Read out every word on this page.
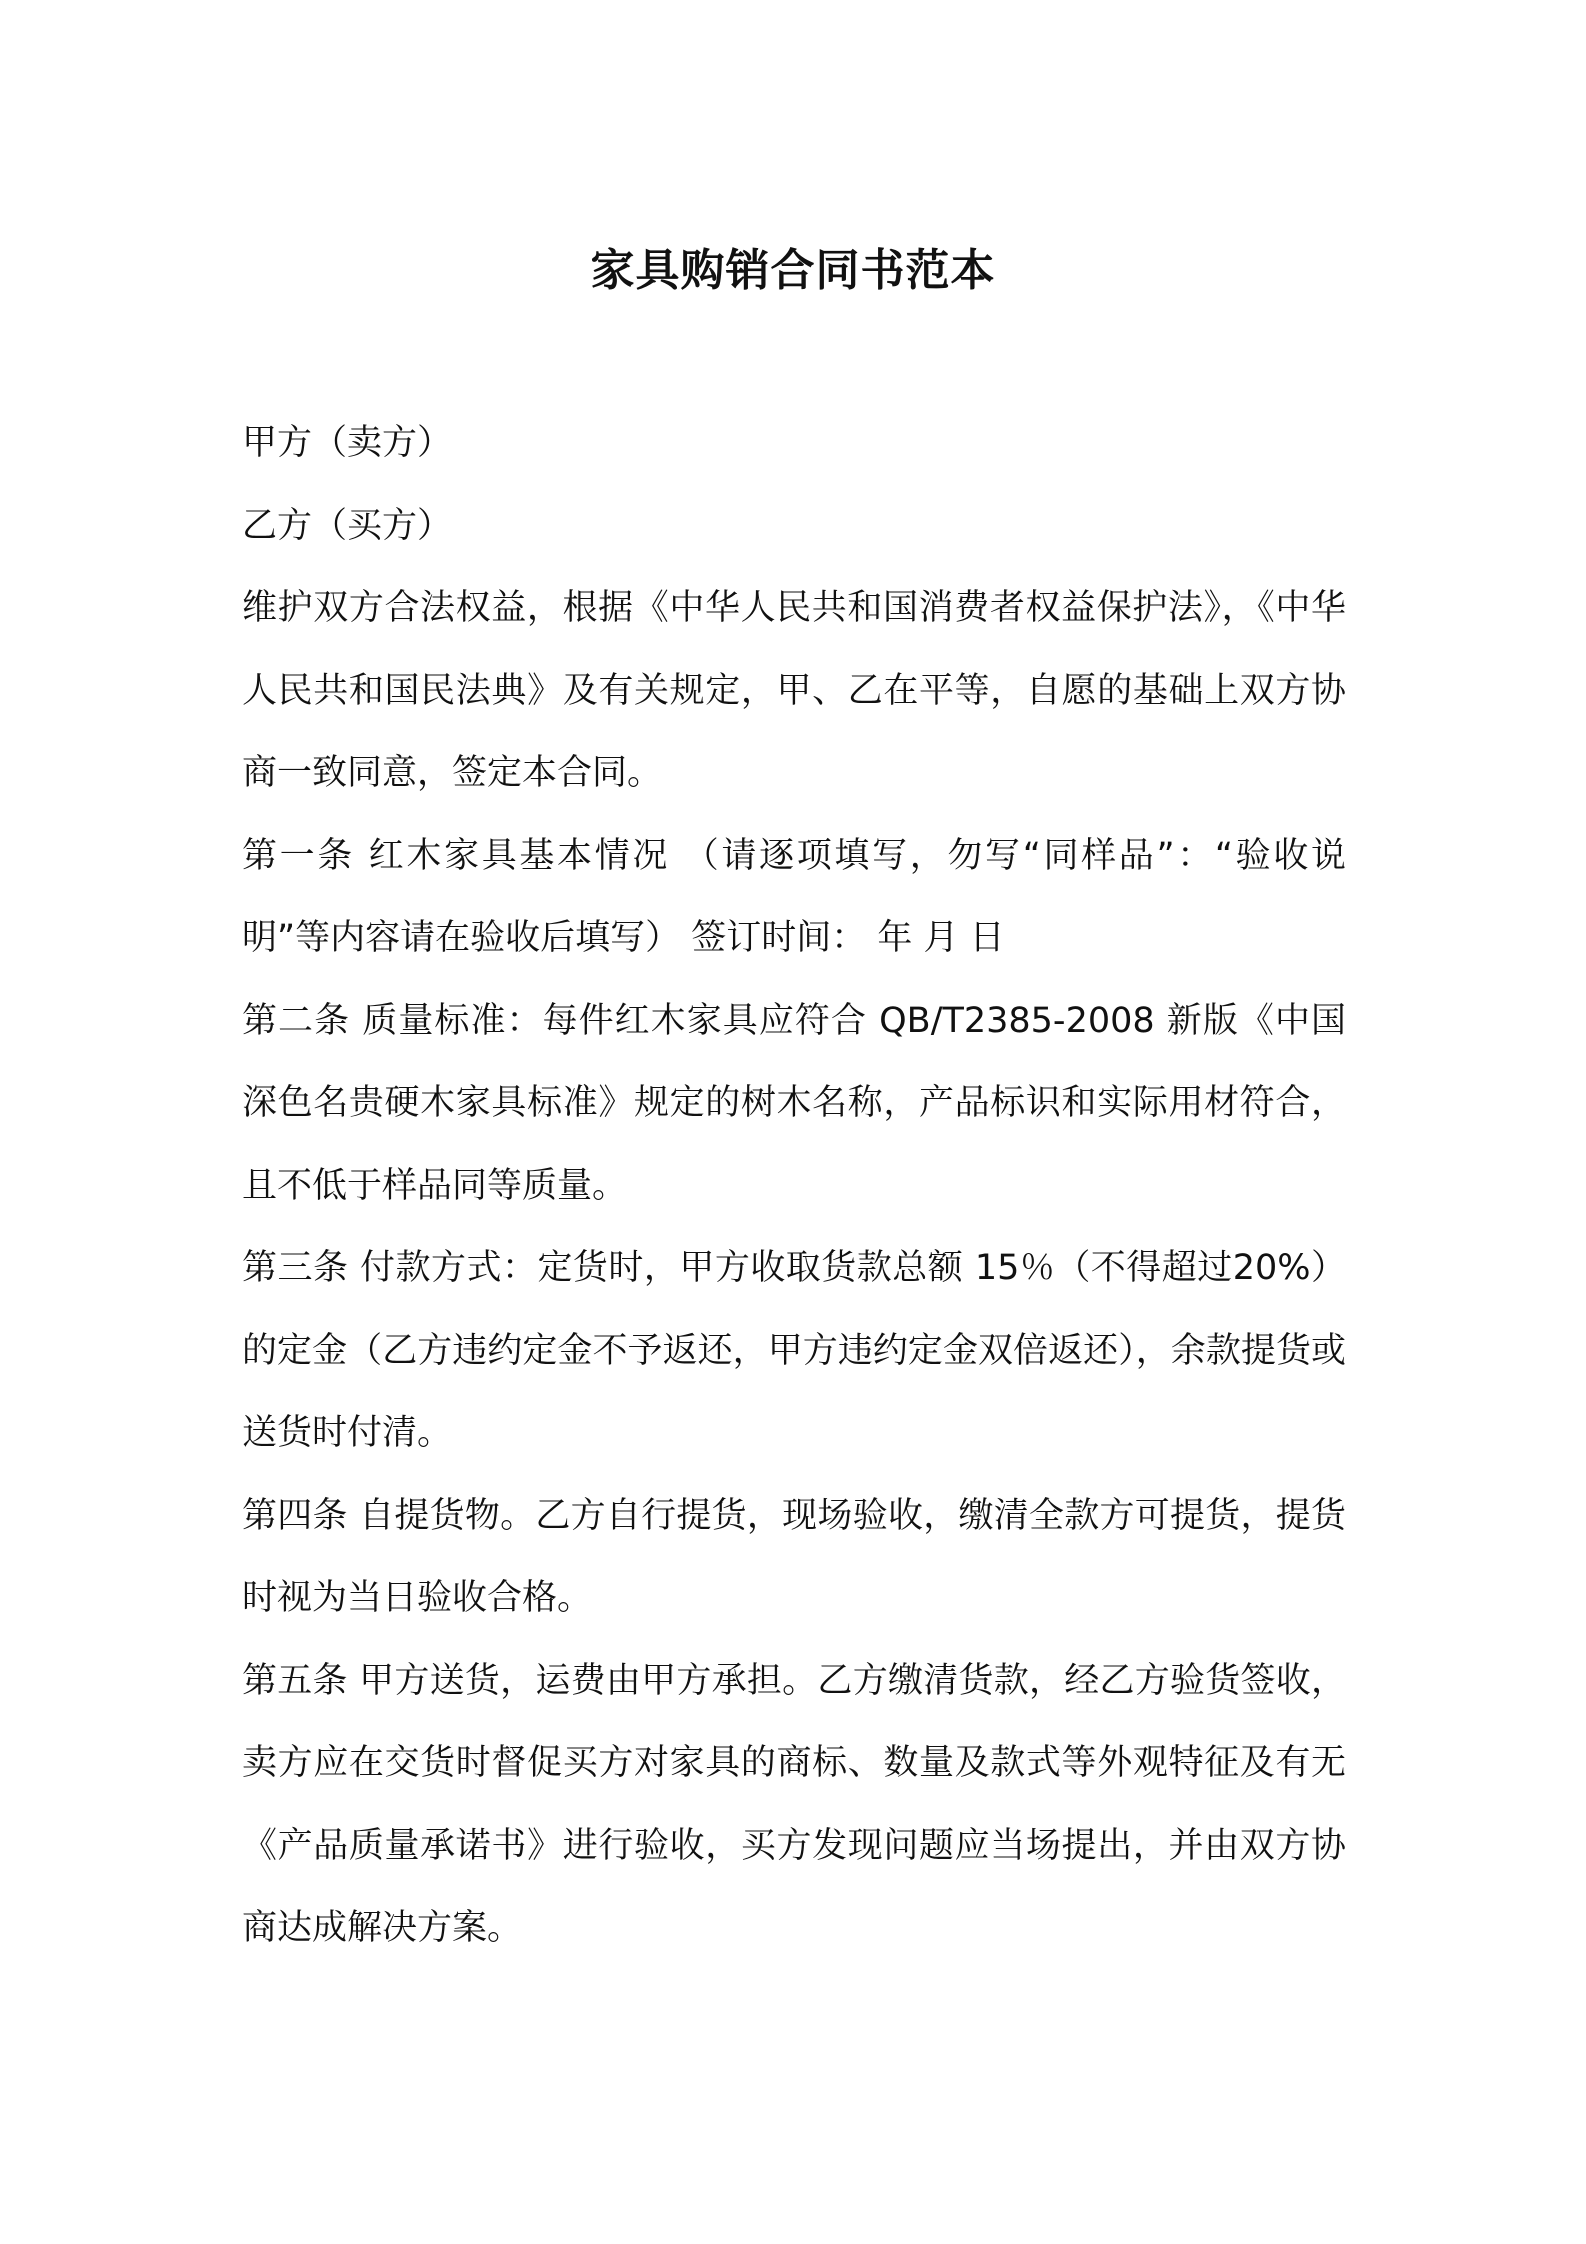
家具购销合同书范本

甲方（卖方）

乙方（买方）

维护双方合法权益，根据《中华人民共和国消费者权益保护法》，《中华人民共和国民法典》及有关规定，甲、乙在平等，自愿的基础上双方协商一致同意，签定本合同。

第一条 红木家具基本情况 （请逐项填写，勿写“同样品”：“验收说明”等内容请在验收后填写） 签订时间： 年 月 日

第二条 质量标准：每件红木家具应符合 QB/T2385-2008 新版《中国深色名贵硬木家具标准》规定的树木名称，产品标识和实际用材符合，且不低于样品同等质量。

第三条 付款方式：定货时，甲方收取货款总额 15％（不得超过20%）的定金（乙方违约定金不予返还，甲方违约定金双倍返还），余款提货或送货时付清。

第四条 自提货物。乙方自行提货，现场验收，缴清全款方可提货，提货时视为当日验收合格。

第五条 甲方送货，运费由甲方承担。乙方缴清货款，经乙方验货签收，卖方应在交货时督促买方对家具的商标、数量及款式等外观特征及有无《产品质量承诺书》进行验收，买方发现问题应当场提出，并由双方协商达成解决方案。
